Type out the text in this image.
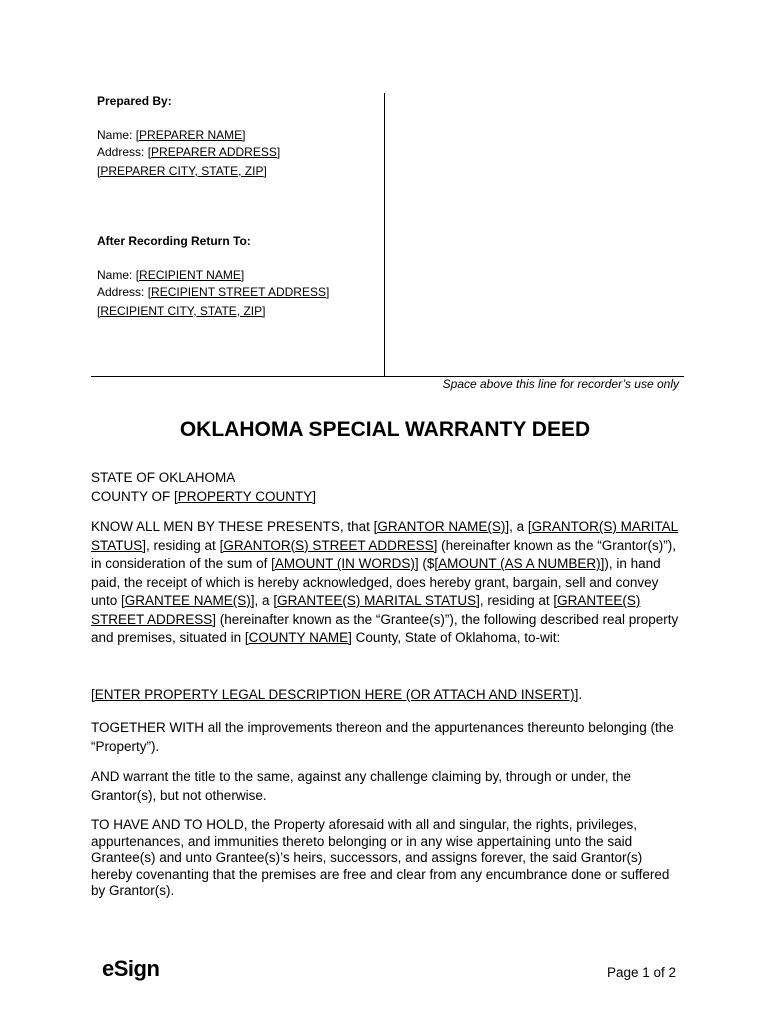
Prepared By:
Name: [PREPARER NAME]
Address: [PREPARER ADDRESS]
[PREPARER CITY, STATE, ZIP]
After Recording Return To:
Name: [RECIPIENT NAME]
Address: [RECIPIENT STREET ADDRESS]
[RECIPIENT CITY, STATE, ZIP]
Space above this line for recorder’s use only
OKLAHOMA SPECIAL WARRANTY DEED
STATE OF OKLAHOMA
COUNTY OF [PROPERTY COUNTY]

KNOW ALL MEN BY THESE PRESENTS, that [GRANTOR NAME(S)], a [GRANTOR(S) MARITAL STATUS], residing at [GRANTOR(S) STREET ADDRESS] (hereinafter known as the “Grantor(s)”), in consideration of the sum of [AMOUNT (IN WORDS)] ($[AMOUNT (AS A NUMBER)]), in hand paid, the receipt of which is hereby acknowledged, does hereby grant, bargain, sell and convey unto [GRANTEE NAME(S)], a [GRANTEE(S) MARITAL STATUS], residing at [GRANTEE(S) STREET ADDRESS] (hereinafter known as the “Grantee(s)”), the following described real property and premises, situated in [COUNTY NAME] County, State of Oklahoma, to-wit:

[ENTER PROPERTY LEGAL DESCRIPTION HERE (OR ATTACH AND INSERT)].
TOGETHER WITH all the improvements thereon and the appurtenances thereunto belonging (the “Property”).
AND warrant the title to the same, against any challenge claiming by, through or under, the Grantor(s), but not otherwise.
TO HAVE AND TO HOLD, the Property aforesaid with all and singular, the rights, privileges, appurtenances, and immunities thereto belonging or in any wise appertaining unto the said Grantee(s) and unto Grantee(s)’s heirs, successors, and assigns forever, the said Grantor(s) hereby covenanting that the premises are free and clear from any encumbrance done or suffered by Grantor(s).
eSign	Page 1 of 2
